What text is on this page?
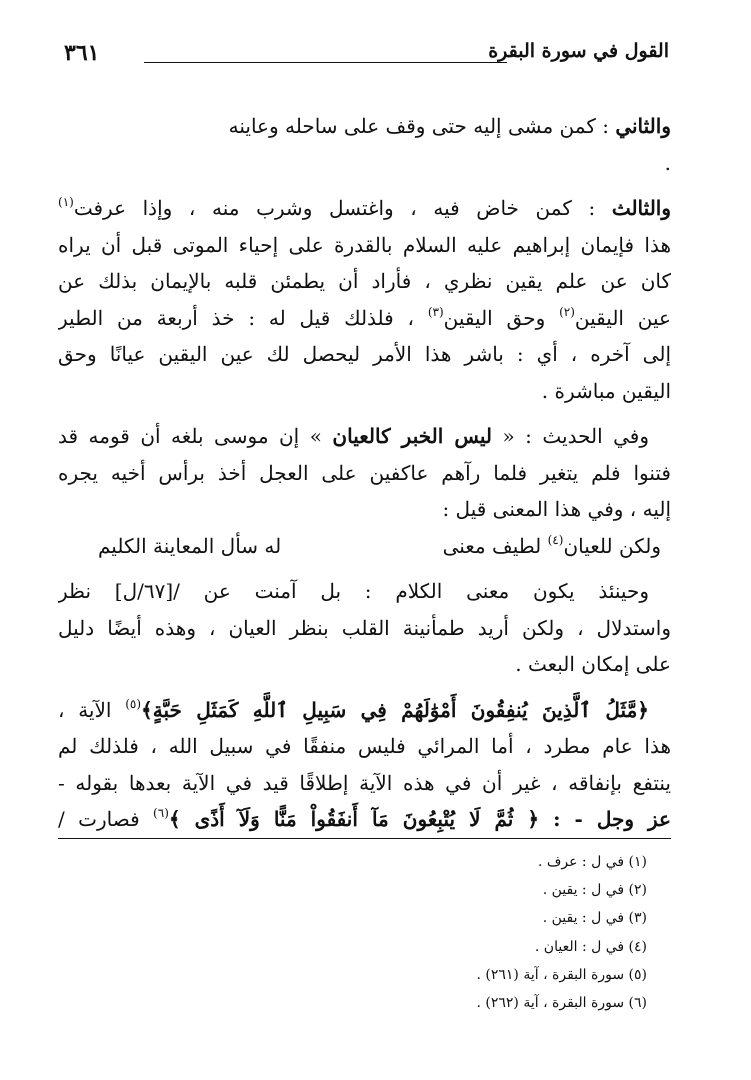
القول في سورة البقرة
٣٦١
والثاني : كمن مشى إليه حتى وقف على ساحله وعاينه
.
والثالث : كمن خاض فيه ، واغتسل وشرب منه ، وإذا عرفت$^{(١)}$
هذا فإيمان إبراهيم عليه السلام بالقدرة على إحياء الموتى قبل أن يراه
كان عن علم يقين نظري ، فأراد أن يطمئن قلبه بالإيمان بذلك عن
عين اليقين$^{(٢)}$ وحق اليقين$^{(٣)}$ ، فلذلك قيل له : خذ أربعة من الطير
إلى آخره ، أي : باشر هذا الأمر ليحصل لك عين اليقين عيانًا وحق
اليقين مباشرة .
وفي الحديث : « ليس الخبر كالعيان » إن موسى بلغه أن قومه قد
فتنوا فلم يتغير فلما رآهم عاكفين على العجل أخذ برأس أخيه يجره
إليه ، وفي هذا المعنى قيل :
ولكن للعيان$^{(٤)}$ لطيف معنى
له سأل المعاينة الكليم
وحينئذ يكون معنى الكلام : بل آمنت عن /[٦٧/ل] نظر
واستدلال ، ولكن أريد طمأنينة القلب بنظر العيان ، وهذه أيضًا دليل
على إمكان البعث .
﴿مَّثَلُ ٱلَّذِينَ يُنفِقُونَ أَمْوَٰلَهُمْ فِي سَبِيلِ ٱللَّهِ كَمَثَلِ حَبَّةٍ﴾$^{(٥)}$ الآية ،
هذا عام مطرد ، أما المرائي فليس منفقًا في سبيل الله ، فلذلك لم
ينتفع بإنفاقه ، غير أن في هذه الآية إطلاقًا قيد في الآية بعدها بقوله -
عز وجل - : ﴿ ثُمَّ لَا يُتْبِعُونَ مَآ أَنفَقُواْ مَنًّا وَلَآ أَذًى ﴾$^{(٦)}$ فصارت /
(١) في ل : عرف .
(٢) في ل : يقين .
(٣) في ل : يقين .
(٤) في ل : العيان .
(٥) سورة البقرة ، آية (٢٦١) .
(٦) سورة البقرة ، آية (٢٦٢) .
